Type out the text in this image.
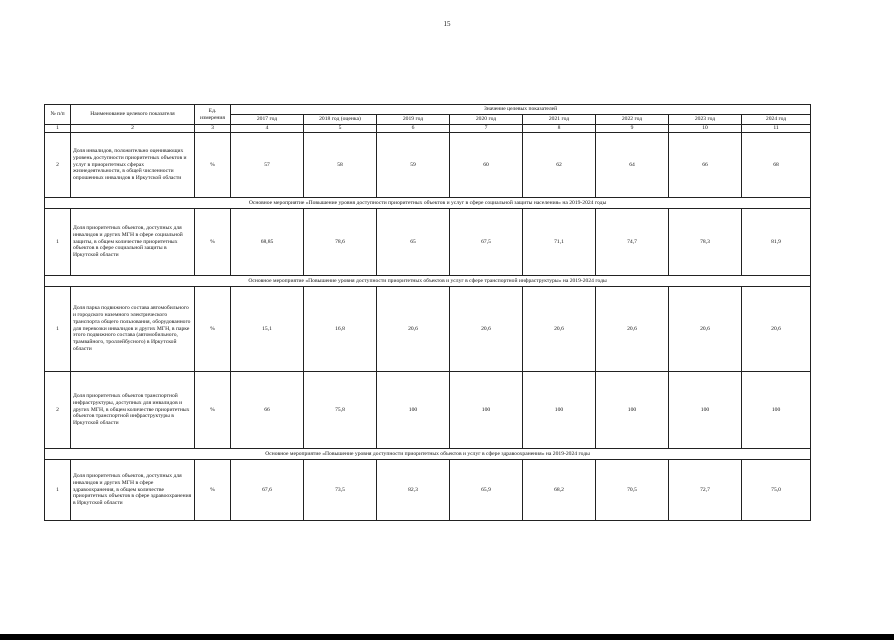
15
№ п/п	Наименование целевого показателя	Ед. измерения	Значение целевых показателей							
			2017 год	2018 год (оценка)	2019 год	2020 год	2021 год	2022 год	2023 год	2024 год
1	2	3	4	5	6	7	8	9	10	11
2	Доля инвалидов, положительно оценивающих уровень доступности приоритетных объектов и услуг в приоритетных сферах жизнедеятельности, в общей численности опрошенных инвалидов в Иркутской области	%	57	58	59	60	62	64	66	68
Основное мероприятие «Повышение уровня доступности приоритетных объектов и услуг в сфере социальной защиты населения» на 2019-2024 годы										
1	Доля приоритетных объектов, доступных для инвалидов и других МГН в сфере социальной защиты, в общем количестве приоритетных объектов в сфере социальной защиты в Иркутской области	%	68,85	78,6	65	67,5	71,1	74,7	78,3	81,9
Основное мероприятие «Повышение уровня доступности приоритетных объектов и услуг в сфере транспортной инфраструктуры» на 2019-2024 годы										
1	Доля парка подвижного состава автомобильного и городского наземного электрического транспорта общего пользования, оборудованного для перевозки инвалидов и других МГН, в парке этого подвижного состава (автомобильного, трамвайного, троллейбусного) в Иркутской области	%	15,1	16,8	20,6	20,6	20,6	20,6	20,6	20,6
2	Доля приоритетных объектов транспортной инфраструктуры, доступных для инвалидов и других МГН, в общем количестве приоритетных объектов транспортной инфраструктуры в Иркутской области	%	66	75,8	100	100	100	100	100	100
Основное мероприятие «Повышение уровня доступности приоритетных объектов и услуг в сфере здравоохранения» на 2019-2024 годы										
1	Доля приоритетных объектов, доступных для инвалидов и других МГН в сфере здравоохранения, в общем количестве приоритетных объектов в сфере здравоохранения в Иркутской области	%	67,6	73,5	82,3	65,9	68,2	70,5	72,7	75,0
